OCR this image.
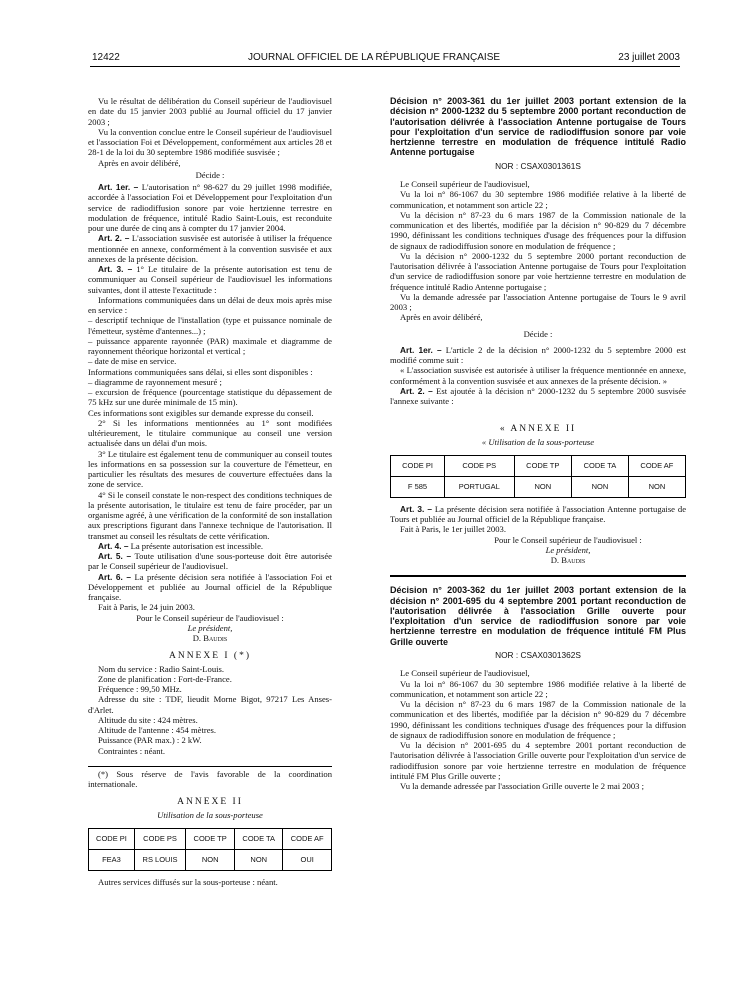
12422	JOURNAL OFFICIEL DE LA RÉPUBLIQUE FRANÇAISE	23 juillet 2003

Vu le résultat de délibération du Conseil supérieur de l'audiovisuel en date du 15 janvier 2003 publié au Journal officiel du 17 janvier 2003 ;

Vu la convention conclue entre le Conseil supérieur de l'audiovisuel et l'association Foi et Développement, conformément aux articles 28 et 28-1 de la loi du 30 septembre 1986 modifiée susvisée ;

Après en avoir délibéré,

Décide :

Art. 1er. – L'autorisation n° 98-627 du 29 juillet 1998 modifiée, accordée à l'association Foi et Développement pour l'exploitation d'un service de radiodiffusion sonore par voie hertzienne terrestre en modulation de fréquence, intitulé Radio Saint-Louis, est reconduite pour une durée de cinq ans à compter du 17 janvier 2004.

Art. 2. – L'association susvisée est autorisée à utiliser la fréquence mentionnée en annexe, conformément à la convention susvisée et aux annexes de la présente décision.

Art. 3. – 1° Le titulaire de la présente autorisation est tenu de communiquer au Conseil supérieur de l'audiovisuel les informations suivantes, dont il atteste l'exactitude :

Informations communiquées dans un délai de deux mois après mise en service :

– descriptif technique de l'installation (type et puissance nominale de l'émetteur, système d'antennes...) ;

– puissance apparente rayonnée (PAR) maximale et diagramme de rayonnement théorique horizontal et vertical ;

– date de mise en service.

Informations communiquées sans délai, si elles sont disponibles :

– diagramme de rayonnement mesuré ;

– excursion de fréquence (pourcentage statistique du dépassement de 75 kHz sur une durée minimale de 15 min).

Ces informations sont exigibles sur demande expresse du conseil.

2° Si les informations mentionnées au 1° sont modifiées ultérieurement, le titulaire communique au conseil une version actualisée dans un délai d'un mois.

3° Le titulaire est également tenu de communiquer au conseil toutes les informations en sa possession sur la couverture de l'émetteur, en particulier les résultats des mesures de couverture effectuées dans la zone de service.

4° Si le conseil constate le non-respect des conditions techniques de la présente autorisation, le titulaire est tenu de faire procéder, par un organisme agréé, à une vérification de la conformité de son installation aux prescriptions figurant dans l'annexe technique de l'autorisation. Il transmet au conseil les résultats de cette vérification.

Art. 4. – La présente autorisation est incessible.

Art. 5. – Toute utilisation d'une sous-porteuse doit être autorisée par le Conseil supérieur de l'audiovisuel.

Art. 6. – La présente décision sera notifiée à l'association Foi et Développement et publiée au Journal officiel de la République française.

Fait à Paris, le 24 juin 2003.

Pour le Conseil supérieur de l'audiovisuel :
Le président,
D. Baudis

ANNEXE I (*)

Nom du service : Radio Saint-Louis.

Zone de planification : Fort-de-France.

Fréquence : 99,50 MHz.

Adresse du site : TDF, lieudit Morne Bigot, 97217 Les Anses-d'Arlet.

Altitude du site : 424 mètres.

Altitude de l'antenne : 454 mètres.

Puissance (PAR max.) : 2 kW.

Contraintes : néant.

(*) Sous réserve de l'avis favorable de la coordination internationale.

ANNEXE II

Utilisation de la sous-porteuse

CODE PI	CODE PS	CODE TP	CODE TA	CODE AF
FEA3	RS LOUIS	NON	NON	OUI

Autres services diffusés sur la sous-porteuse : néant.

Décision n° 2003-361 du 1er juillet 2003 portant extension de la décision n° 2000-1232 du 5 septembre 2000 portant reconduction de l'autorisation délivrée à l'association Antenne portugaise de Tours pour l'exploitation d'un service de radiodiffusion sonore par voie hertzienne terrestre en modulation de fréquence intitulé Radio Antenne portugaise

NOR : CSAX0301361S

Le Conseil supérieur de l'audiovisuel,

Vu la loi n° 86-1067 du 30 septembre 1986 modifiée relative à la liberté de communication, et notamment son article 22 ;

Vu la décision n° 87-23 du 6 mars 1987 de la Commission nationale de la communication et des libertés, modifiée par la décision n° 90-829 du 7 décembre 1990, définissant les conditions techniques d'usage des fréquences pour la diffusion de signaux de radiodiffusion sonore en modulation de fréquence ;

Vu la décision n° 2000-1232 du 5 septembre 2000 portant reconduction de l'autorisation délivrée à l'association Antenne portugaise de Tours pour l'exploitation d'un service de radiodiffusion sonore par voie hertzienne terrestre en modulation de fréquence intitulé Radio Antenne portugaise ;

Vu la demande adressée par l'association Antenne portugaise de Tours le 9 avril 2003 ;

Après en avoir délibéré,

Décide :

Art. 1er. – L'article 2 de la décision n° 2000-1232 du 5 septembre 2000 est modifié comme suit :

« L'association susvisée est autorisée à utiliser la fréquence mentionnée en annexe, conformément à la convention susvisée et aux annexes de la présente décision. »

Art. 2. – Est ajoutée à la décision n° 2000-1232 du 5 septembre 2000 susvisée l'annexe suivante :

« ANNEXE II

« Utilisation de la sous-porteuse

CODE PI	CODE PS	CODE TP	CODE TA	CODE AF
F 585	PORTUGAL	NON	NON	NON

Art. 3. – La présente décision sera notifiée à l'association Antenne portugaise de Tours et publiée au Journal officiel de la République française.

Fait à Paris, le 1er juillet 2003.

Pour le Conseil supérieur de l'audiovisuel :
Le président,
D. Baudis

Décision n° 2003-362 du 1er juillet 2003 portant extension de la décision n° 2001-695 du 4 septembre 2001 portant reconduction de l'autorisation délivrée à l'association Grille ouverte pour l'exploitation d'un service de radiodiffusion sonore par voie hertzienne terrestre en modulation de fréquence intitulé FM Plus Grille ouverte

NOR : CSAX0301362S

Le Conseil supérieur de l'audiovisuel,

Vu la loi n° 86-1067 du 30 septembre 1986 modifiée relative à la liberté de communication, et notamment son article 22 ;

Vu la décision n° 87-23 du 6 mars 1987 de la Commission nationale de la communication et des libertés, modifiée par la décision n° 90-829 du 7 décembre 1990, définissant les conditions techniques d'usage des fréquences pour la diffusion de signaux de radiodiffusion sonore en modulation de fréquence ;

Vu la décision n° 2001-695 du 4 septembre 2001 portant reconduction de l'autorisation délivrée à l'association Grille ouverte pour l'exploitation d'un service de radiodiffusion sonore par voie hertzienne terrestre en modulation de fréquence intitulé FM Plus Grille ouverte ;

Vu la demande adressée par l'association Grille ouverte le 2 mai 2003 ;
